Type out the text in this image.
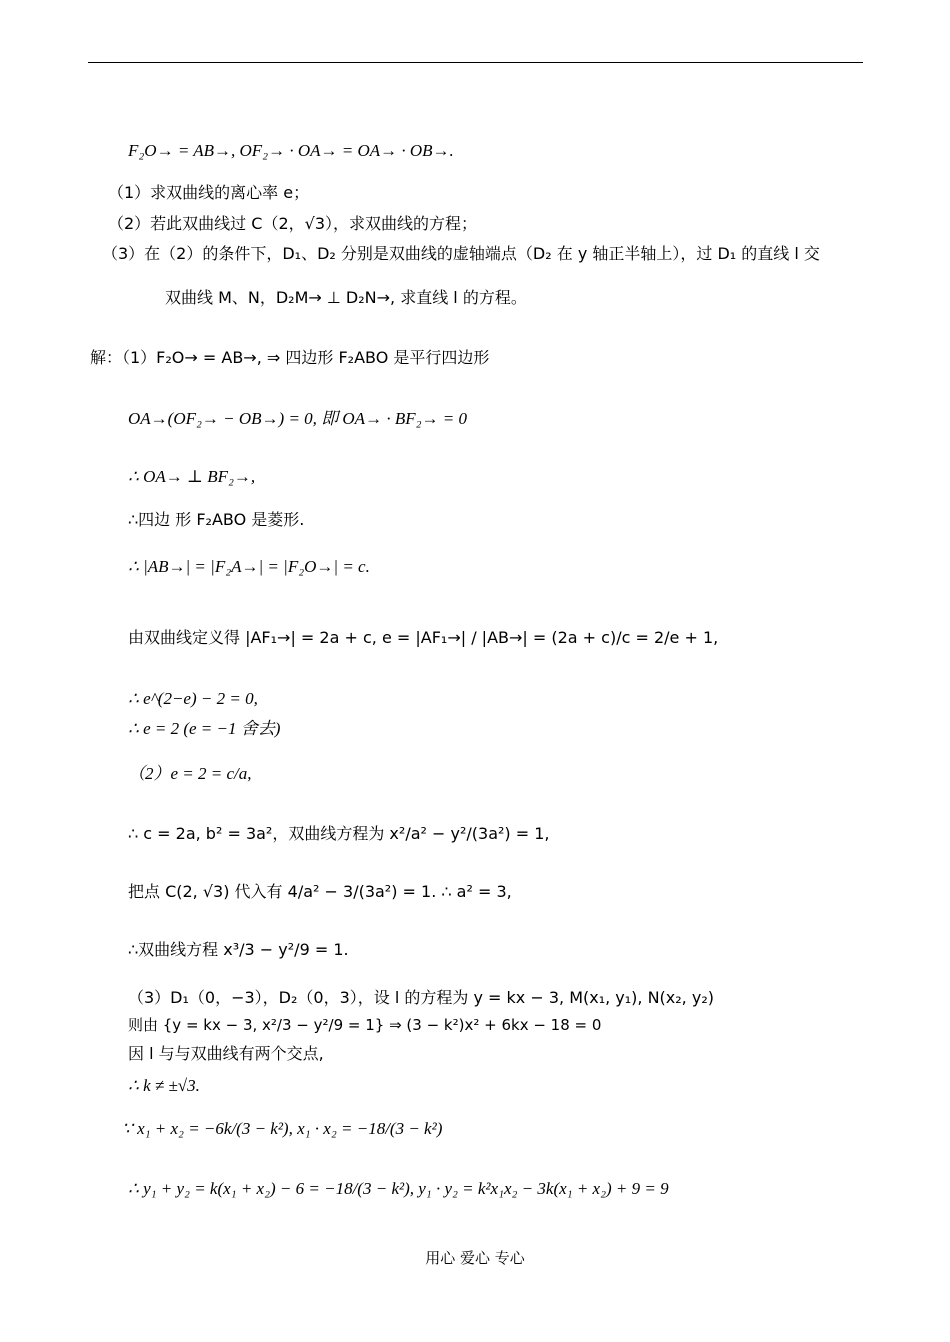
F₂O→ = AB→, OF₂→ · OA→ = OA→ · OB→.
（1）求双曲线的离心率 e；
（2）若此双曲线过 C（2，√3），求双曲线的方程；
（3）在（2）的条件下，D₁、D₂ 分别是双曲线的虚轴端点（D₂ 在 y 轴正半轴上），过 D₁ 的直线 l 交
双曲线 M、N，D₂M→ ⊥ D₂N→, 求直线 l 的方程。
解：（1）F₂O→ = AB→, ⇒ 四边形 F₂ABO 是平行四边形
OA→(OF₂→ − OB→) = 0, 即 OA→ · BF₂→ = 0
∴ OA→ ⊥ BF₂→,
∴四边 形 F₂ABO 是菱形.
∴ |AB→| = |F₂A→| = |F₂O→| = c.
由双曲线定义得 |AF₁→| = 2a + c, e = |AF₁→| / |AB→| = (2a + c)/c = 2/e + 1,
∴ e^(2−e) − 2 = 0,
∴ e = 2 (e = −1 舍去)
（2）e = 2 = c/a,
∴ c = 2a, b² = 3a²，双曲线方程为 x²/a² − y²/(3a²) = 1,
把点 C(2, √3) 代入有 4/a² − 3/(3a²) = 1. ∴ a² = 3,
∴双曲线方程 x³/3 − y²/9 = 1.
（3）D₁（0，−3），D₂（0，3），设 l 的方程为 y = kx − 3, M(x₁, y₁), N(x₂, y₂)
则由 {y = kx − 3, x²/3 − y²/9 = 1} ⇒ (3 − k²)x² + 6kx − 18 = 0
因 l 与与双曲线有两个交点,
∴ k ≠ ±√3.
∵ x₁ + x₂ = −6k/(3 − k²), x₁ · x₂ = −18/(3 − k²)
∴ y₁ + y₂ = k(x₁ + x₂) − 6 = −18/(3 − k²), y₁ · y₂ = k²x₁x₂ − 3k(x₁ + x₂) + 9 = 9
用心 爱心 专心
